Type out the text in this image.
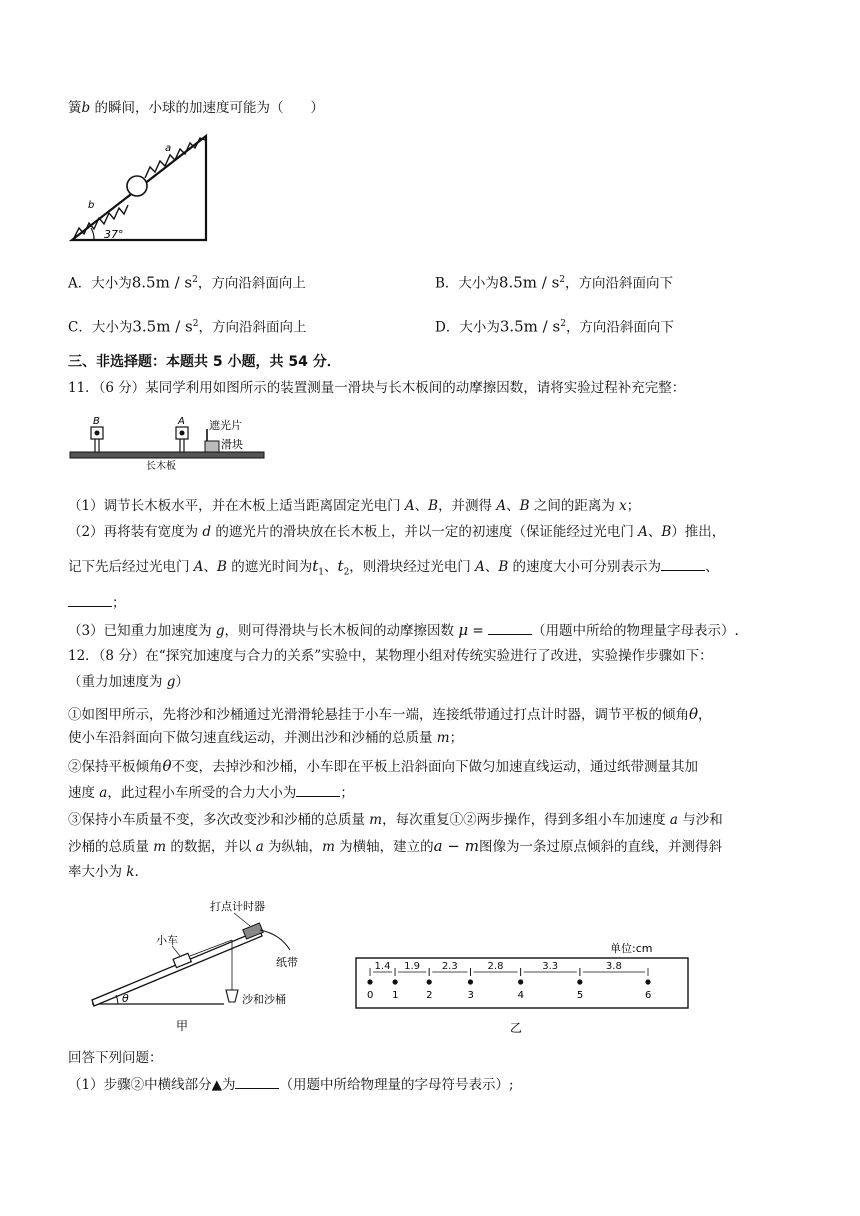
簧b 的瞬间，小球的加速度可能为（　　）
a
b
37°
A．大小为$8.5m / s^2$，方向沿斜面向上	B．大小为$8.5m / s^2$，方向沿斜面向下
C．大小为$3.5m / s^2$，方向沿斜面向上	D．大小为$3.5m / s^2$，方向沿斜面向下
三、非选择题：本题共 5 小题，共 54 分．
11．（6 分）某同学利用如图所示的装置测量一滑块与长木板间的动摩擦因数，请将实验过程补充完整：
B	A 遮光片
滑块
长木板
（1）调节长木板水平，并在木板上适当距离固定光电门 A、B，并测得 A、B 之间的距离为 x；
（2）再将装有宽度为 d 的遮光片的滑块放在长木板上，并以一定的初速度（保证能经过光电门 A、B）推出，
记下先后经过光电门 A、B 的遮光时间为$t_1$、$t_2$，则滑块经过光电门 A、B 的速度大小可分别表示为	、
；
（3）已知重力加速度为 g，则可得滑块与长木板间的动摩擦因数 μ =	（用题中所给的物理量字母表示）.
12．（8 分）在“探究加速度与合力的关系”实验中，某物理小组对传统实验进行了改进，实验操作步骤如下：
（重力加速度为 g）
①如图甲所示，先将沙和沙桶通过光滑滑轮悬挂于小车一端，连接纸带通过打点计时器，调节平板的倾角θ，
使小车沿斜面向下做匀速直线运动，并测出沙和沙桶的总质量 m；
②保持平板倾角θ不变，去掉沙和沙桶，小车即在平板上沿斜面向下做匀加速直线运动，通过纸带测量其加
速度 a，此过程小车所受的合力大小为	；
③保持小车质量不变，多次改变沙和沙桶的总质量 m，每次重复①②两步操作，得到多组小车加速度 a 与沙和
沙桶的总质量 m 的数据，并以 a 为纵轴，m 为横轴，建立的a − m图像为一条过原点倾斜的直线，并测得斜
率大小为 k.
θ
打点计时器
小车
纸带
沙和沙桶
甲
单位:cm
乙
0 1	2	3	4	5	6
1.4 1.9 2.3	2.8	3.3	3.8
回答下列问题：
（1）步骤②中横线部分▲为	（用题中所给物理量的字母符号表示）;
